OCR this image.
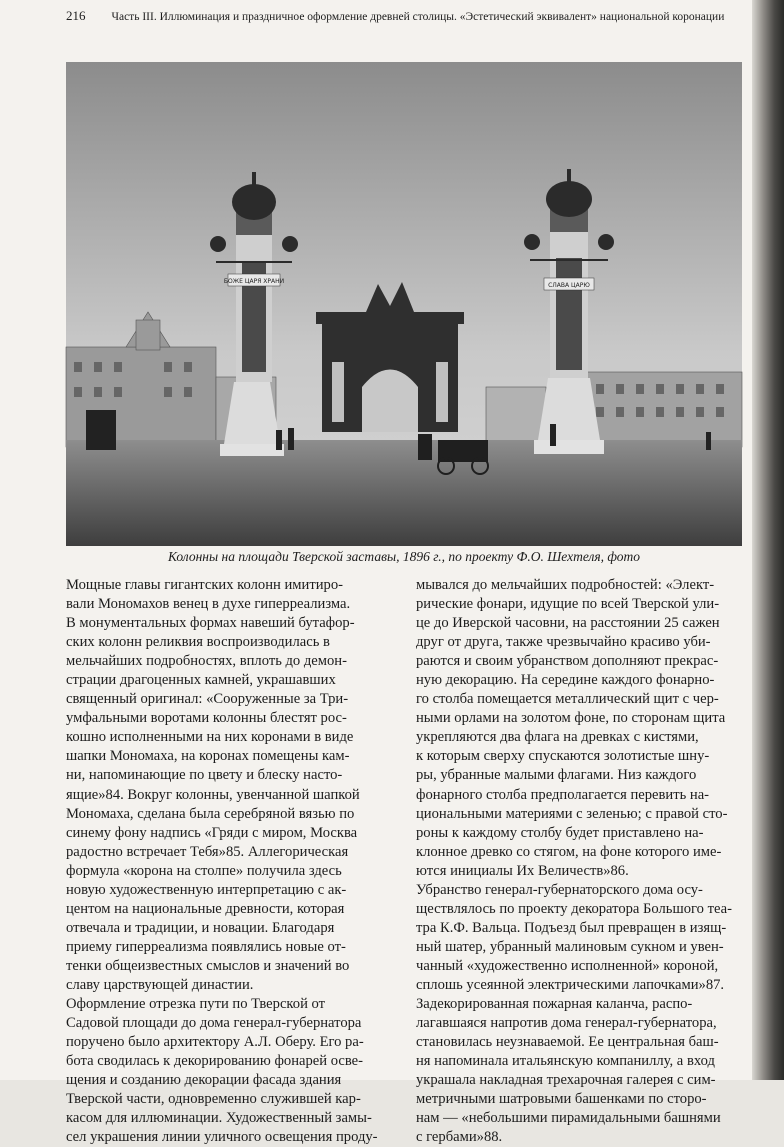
216 Часть III. Иллюминация и праздничное оформление древней столицы. «Эстетический эквивалент» национальной коронации
БОЖЕ ЦАРЯ ХРАНИ
СЛАВА ЦАРЮ
Колонны на площади Тверской заставы, 1896 г., по проекту Ф.О. Шехтеля, фото

Мощные главы гигантских колонн имитиро-

вали Мономахов венец в духе гиперреализма.

В монументальных формах навеший бутафор-

ских колонн реликвия воспроизводилась в

мельчайших подробностях, вплоть до демон-

страции драгоценных камней, украшавших

священный оригинал: «Сооруженные за Три-

умфальными воротами колонны блестят рос-

кошно исполненными на них коронами в виде

шапки Мономаха, на коронах помещены кам-

ни, напоминающие по цвету и блеску насто-

ящие»84. Вокруг колонны, увенчанной шапкой

Мономаха, сделана была серебряной вязью по

синему фону надпись «Гряди с миром, Москва

радостно встречает Тебя»85. Аллегорическая

формула «корона на столпе» получила здесь

новую художественную интерпретацию с ак-

центом на национальные древности, которая

отвечала и традиции, и новации. Благодаря

приему гиперреализма появлялись новые от-

тенки общеизвестных смыслов и значений во

славу царствующей династии.

Оформление отрезка пути по Тверской от

Садовой площади до дома генерал-губернатора

поручено было архитектору А.Л. Оберу. Его ра-

бота сводилась к декорированию фонарей осве-

щения и созданию декорации фасада здания

Тверской части, одновременно служившей кар-

касом для иллюминации. Художественный замы-

сел украшения линии уличного освещения проду-

мывался до мельчайших подробностей: «Элект-

рические фонари, идущие по всей Тверской ули-

це до Иверской часовни, на расстоянии 25 сажен

друг от друга, также чрезвычайно красиво уби-

раются и своим убранством дополняют прекрас-

ную декорацию. На середине каждого фонарно-

го столба помещается металлический щит с чер-

ными орлами на золотом фоне, по сторонам щита

укрепляются два флага на древках с кистями,

к которым сверху спускаются золотистые шну-

ры, убранные малыми флагами. Низ каждого

фонарного столба предполагается перевить на-

циональными материями с зеленью; с правой сто-

роны к каждому столбу будет приставлено на-

клонное древко со стягом, на фоне которого име-

ются инициалы Их Величеств»86.

Убранство генерал-губернаторского дома осу-

ществлялось по проекту декоратора Большого теа-

тра К.Ф. Вальца. Подъезд был превращен в изящ-

ный шатер, убранный малиновым сукном и увен-

чанный «художественно исполненной» короной,

сплошь усеянной электрическими лапочками»87.

Задекорированная пожарная каланча, распо-

лагавшаяся напротив дома генерал-губернатора,

становилась неузнаваемой. Ее центральная баш-

ня напоминала итальянскую компаниллу, а вход

украшала накладная трехарочная галерея с сим-

метричными шатровыми башенками по сторо-

нам — «небольшими пирамидальными башнями

с гербами»88.
